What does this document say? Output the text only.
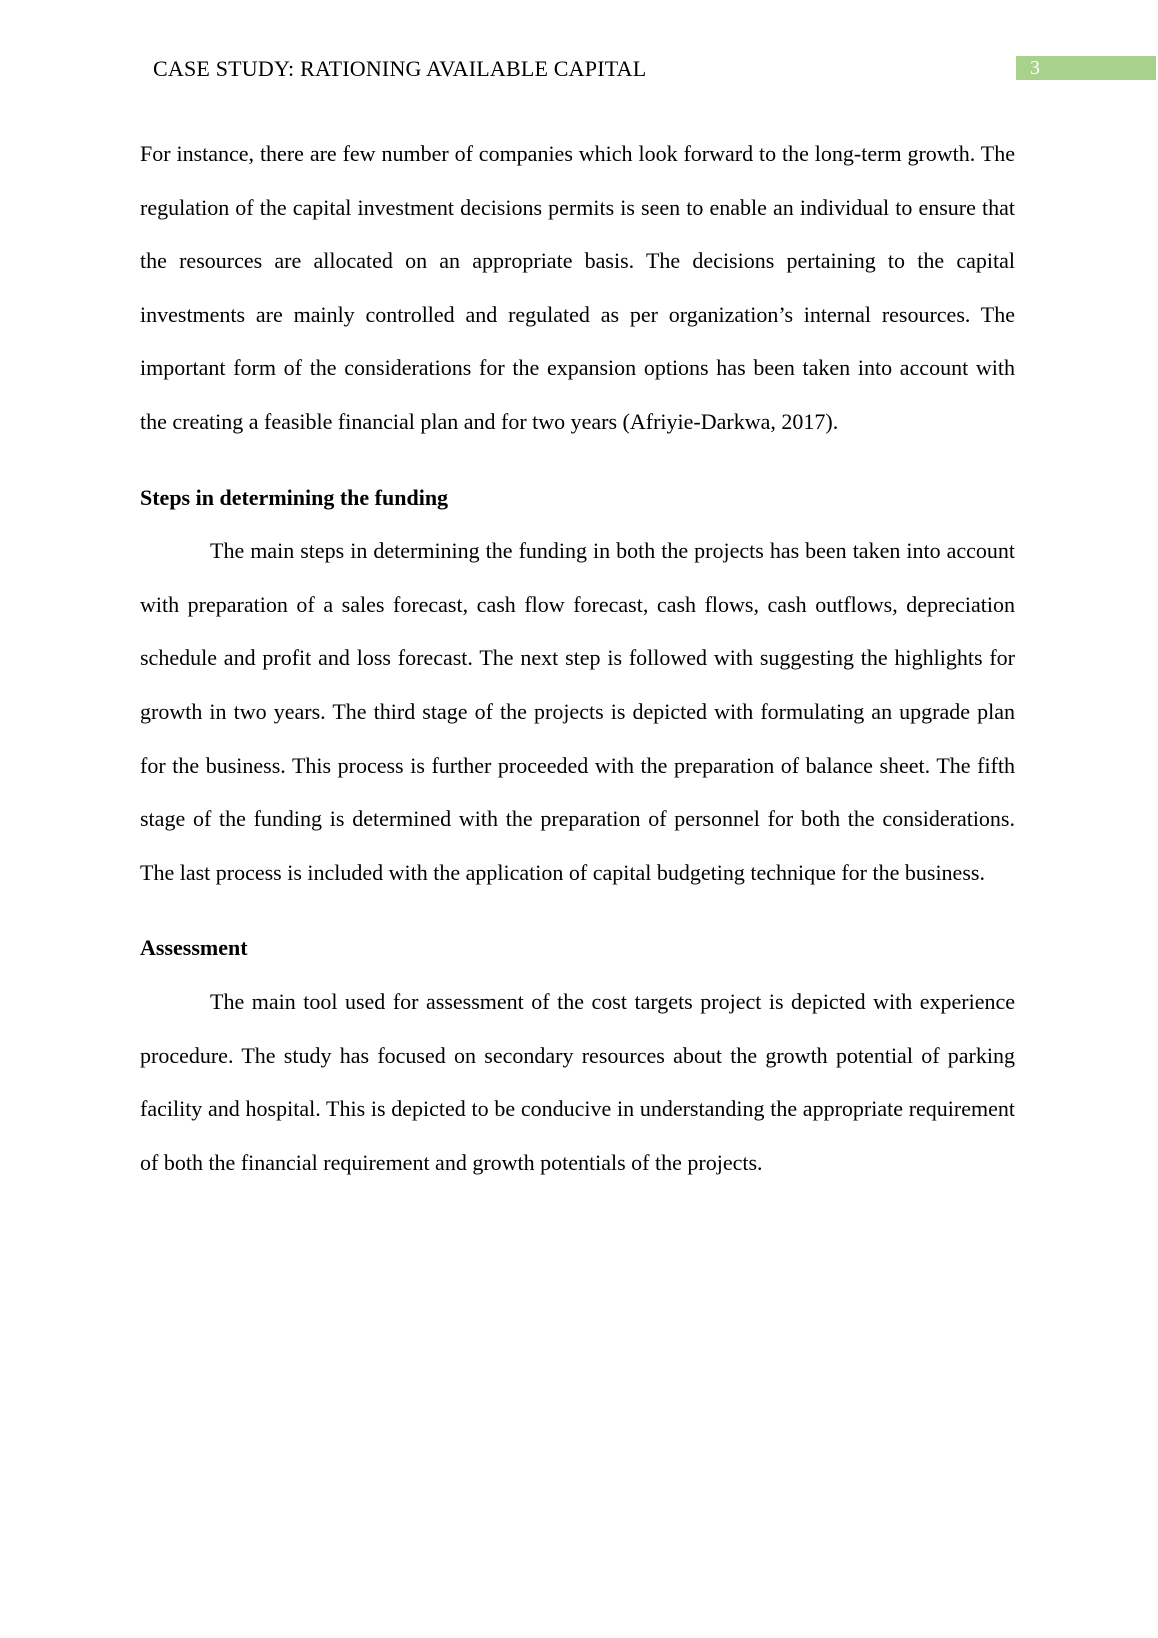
CASE STUDY: RATIONING AVAILABLE CAPITAL	3

For instance, there are few number of companies which look forward to the long-term growth. The regulation of the capital investment decisions permits is seen to enable an individual to ensure that the resources are allocated on an appropriate basis. The decisions pertaining to the capital investments are mainly controlled and regulated as per organization’s internal resources. The important form of the considerations for the expansion options has been taken into account with the creating a feasible financial plan and for two years (Afriyie-Darkwa, 2017).

Steps in determining the funding

The main steps in determining the funding in both the projects has been taken into account with preparation of a sales forecast, cash flow forecast, cash flows, cash outflows, depreciation schedule and profit and loss forecast. The next step is followed with suggesting the highlights for growth in two years. The third stage of the projects is depicted with formulating an upgrade plan for the business. This process is further proceeded with the preparation of balance sheet. The fifth stage of the funding is determined with the preparation of personnel for both the considerations. The last process is included with the application of capital budgeting technique for the business.

Assessment

The main tool used for assessment of the cost targets project is depicted with experience procedure. The study has focused on secondary resources about the growth potential of parking facility and hospital. This is depicted to be conducive in understanding the appropriate requirement of both the financial requirement and growth potentials of the projects.
